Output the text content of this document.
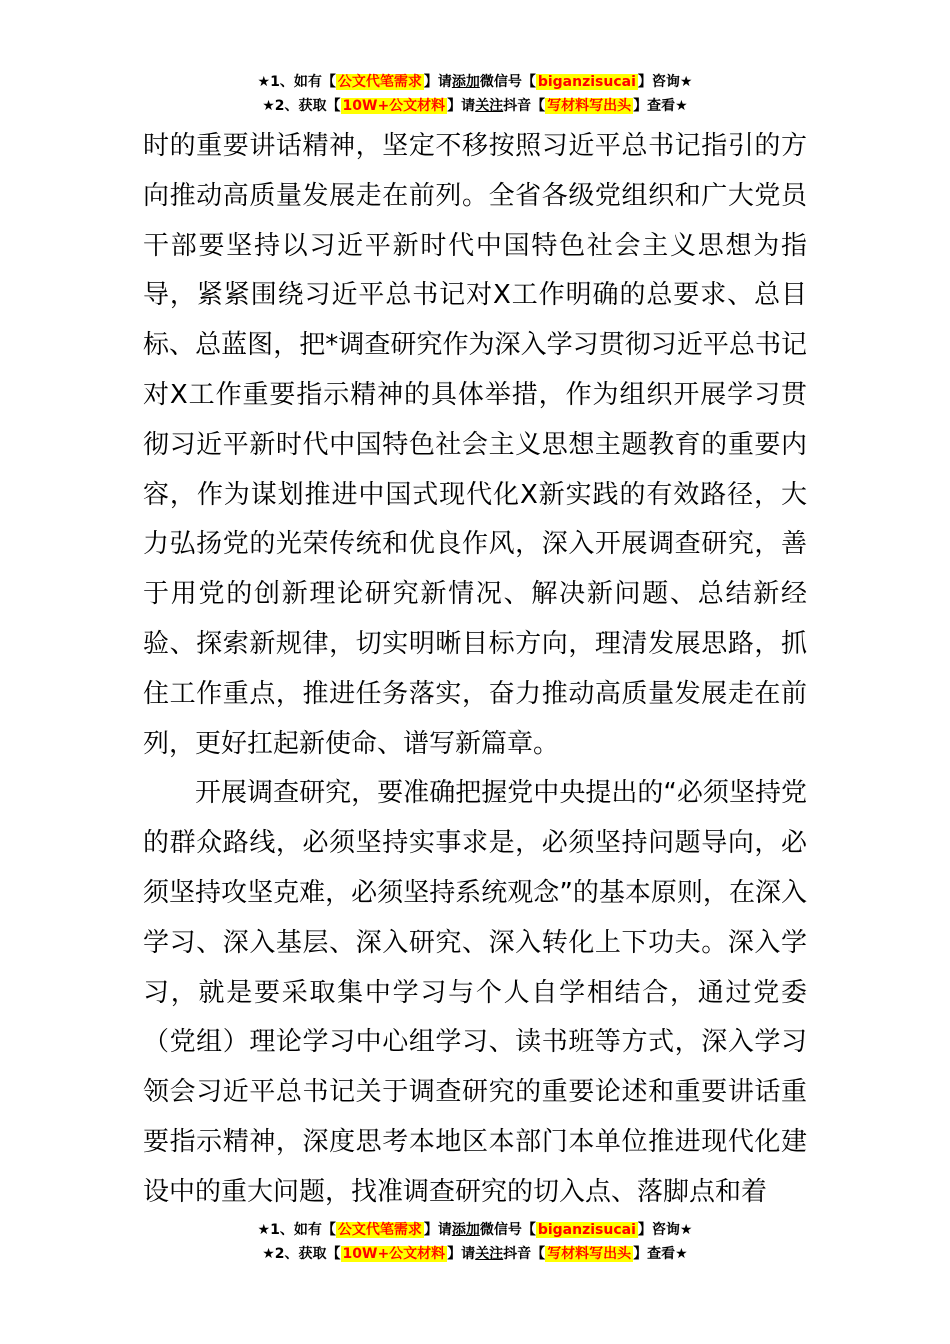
★1、如有【 公文代笔需求 】请添加微信号【 biganzisucai 】咨询★
★2、获取【 10W+公文材料 】请关注抖音【 写材料写出头 】查看★

时的重要讲话精神，坚定不移按照习近平总书记指引的方向推动高质量发展走在前列。全省各级党组织和广大党员干部要坚持以习近平新时代中国特色社会主义思想为指导，紧紧围绕习近平总书记对X工作明确的总要求、总目标、总蓝图，把*调查研究作为深入学习贯彻习近平总书记对X工作重要指示精神的具体举措，作为组织开展学习贯彻习近平新时代中国特色社会主义思想主题教育的重要内容，作为谋划推进中国式现代化X新实践的有效路径，大力弘扬党的光荣传统和优良作风，深入开展调查研究，善于用党的创新理论研究新情况、解决新问题、总结新经验、探索新规律，切实明晰目标方向，理清发展思路，抓住工作重点，推进任务落实，奋力推动高质量发展走在前列，更好扛起新使命、谱写新篇章。

开展调查研究，要准确把握党中央提出的“必须坚持党的群众路线，必须坚持实事求是，必须坚持问题导向，必须坚持攻坚克难，必须坚持系统观念”的基本原则，在深入学习、深入基层、深入研究、深入转化上下功夫。深入学习，就是要采取集中学习与个人自学相结合，通过党委（党组）理论学习中心组学习、读书班等方式，深入学习领会习近平总书记关于调查研究的重要论述和重要讲话重要指示精神，深度思考本地区本部门本单位推进现代化建设中的重大问题，找准调查研究的切入点、落脚点和着

★1、如有【 公文代笔需求 】请添加微信号【 biganzisucai 】咨询★
★2、获取【 10W+公文材料 】请关注抖音【 写材料写出头 】查看★
